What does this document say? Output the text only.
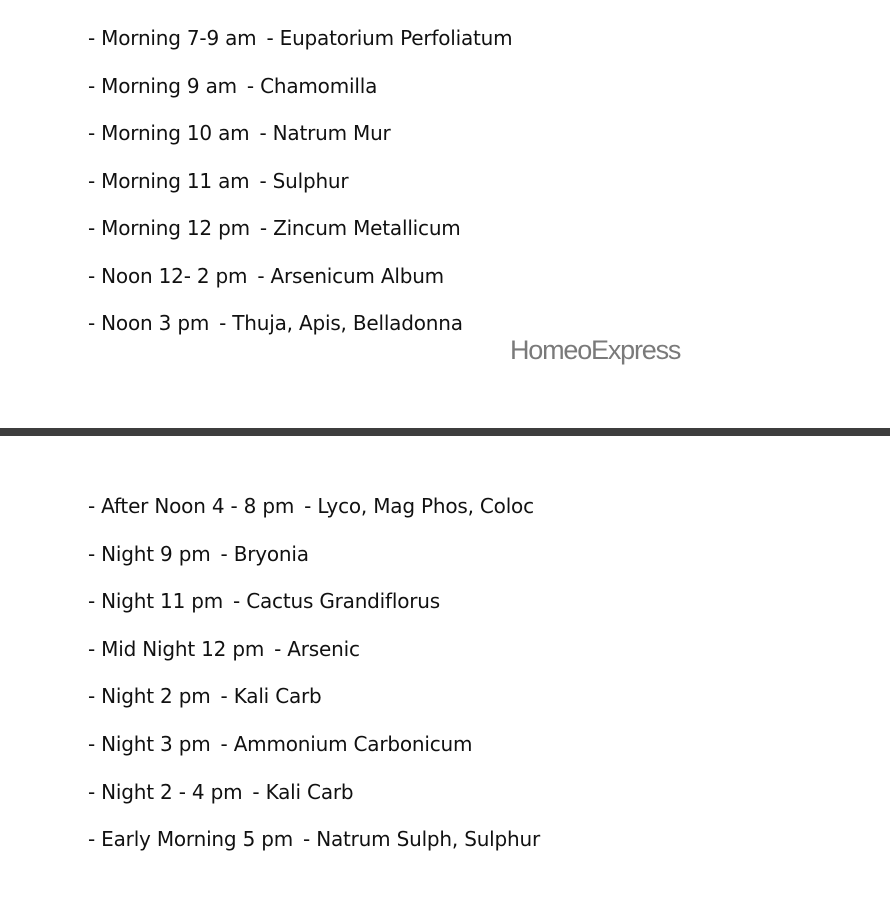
- Morning 7-9 am - Eupatorium Perfoliatum
- Morning 9 am - Chamomilla
- Morning 10 am - Natrum Mur
- Morning 11 am - Sulphur
- Morning 12 pm - Zincum Metallicum
- Noon 12- 2 pm - Arsenicum Album
- Noon 3 pm - Thuja, Apis, Belladonna
HomeoExpress
- After Noon 4 - 8 pm - Lyco, Mag Phos, Coloc
- Night 9 pm - Bryonia
- Night 11 pm - Cactus Grandiflorus
- Mid Night 12 pm - Arsenic
- Night 2 pm - Kali Carb
- Night 3 pm - Ammonium Carbonicum
- Night 2 - 4 pm - Kali Carb
- Early Morning 5 pm - Natrum Sulph, Sulphur
